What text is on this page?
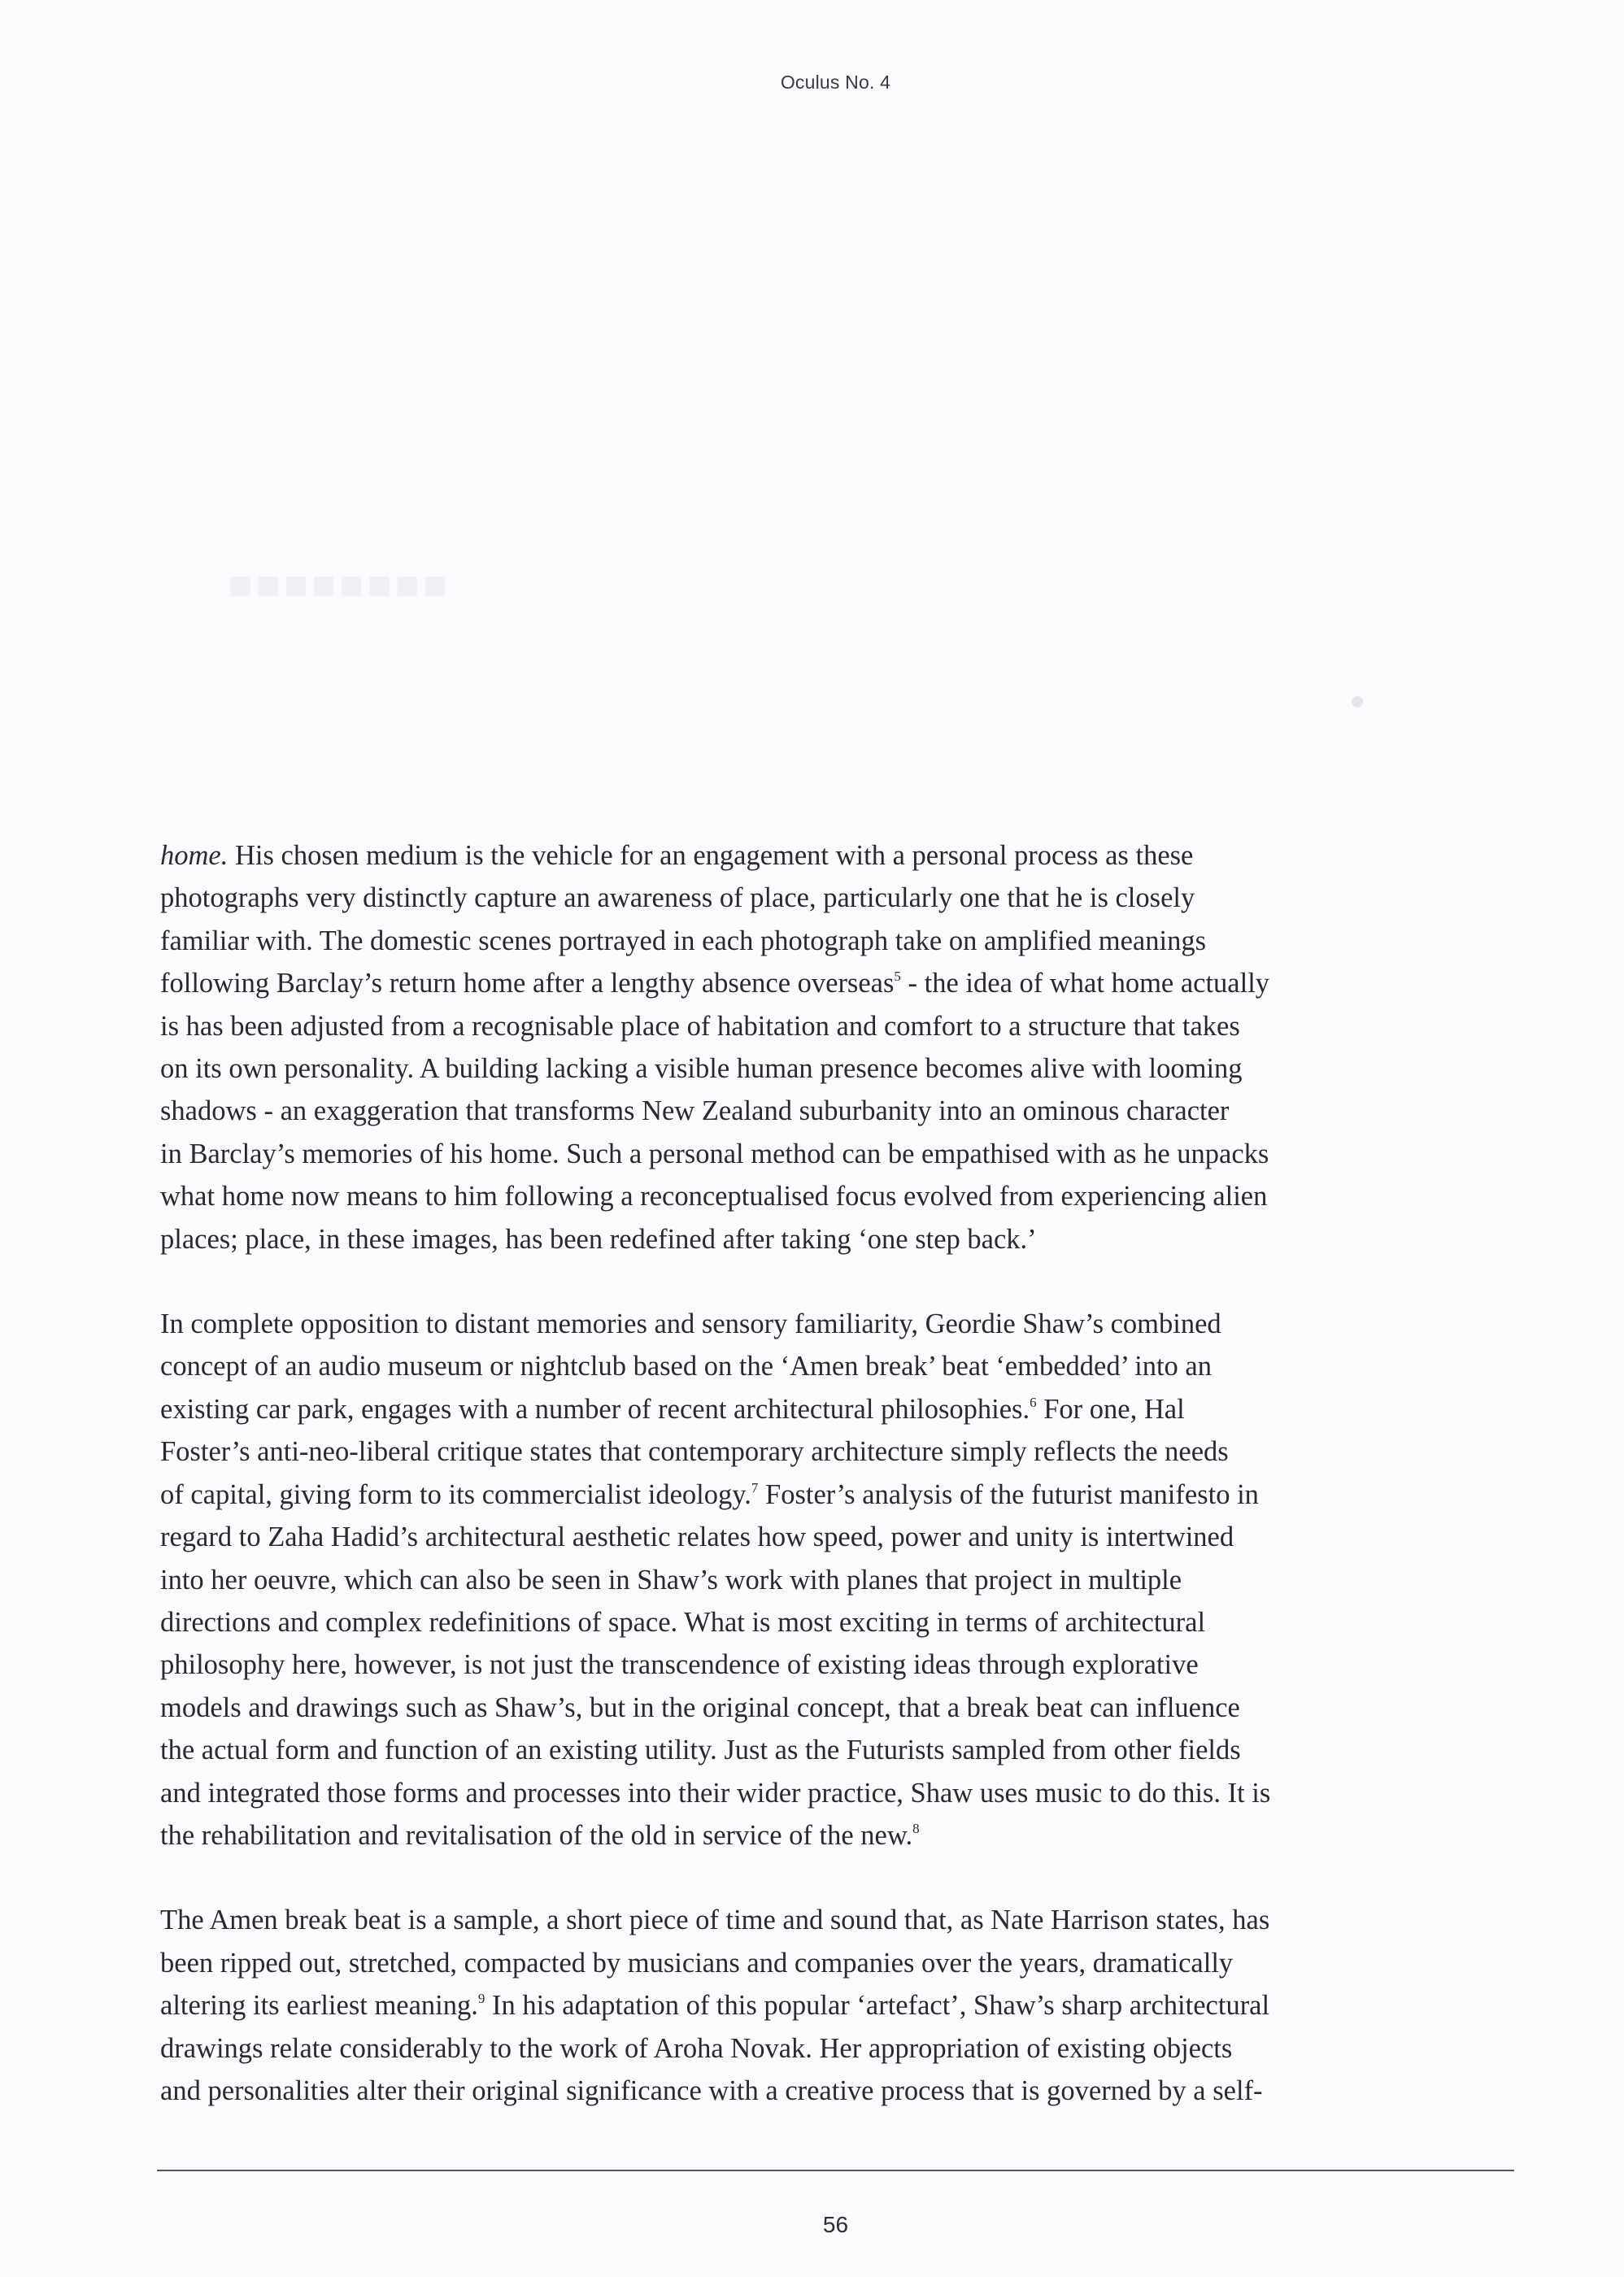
Oculus No. 4
■■■■■■■■

home. His chosen medium is the vehicle for an engagement with a personal process as these
photographs very distinctly capture an awareness of place, particularly one that he is closely
familiar with. The domestic scenes portrayed in each photograph take on amplified meanings
following Barclay’s return home after a lengthy absence overseas$^5$ - the idea of what home actually
is has been adjusted from a recognisable place of habitation and comfort to a structure that takes
on its own personality. A building lacking a visible human presence becomes alive with looming
shadows - an exaggeration that transforms New Zealand suburbanity into an ominous character
in Barclay’s memories of his home. Such a personal method can be empathised with as he unpacks
what home now means to him following a reconceptualised focus evolved from experiencing alien
places; place, in these images, has been redefined after taking ‘one step back.’

In complete opposition to distant memories and sensory familiarity, Geordie Shaw’s combined
concept of an audio museum or nightclub based on the ‘Amen break’ beat ‘embedded’ into an
existing car park, engages with a number of recent architectural philosophies.$^6$ For one, Hal
Foster’s anti-neo-liberal critique states that contemporary architecture simply reflects the needs
of capital, giving form to its commercialist ideology.$^7$ Foster’s analysis of the futurist manifesto in
regard to Zaha Hadid’s architectural aesthetic relates how speed, power and unity is intertwined
into her oeuvre, which can also be seen in Shaw’s work with planes that project in multiple
directions and complex redefinitions of space. What is most exciting in terms of architectural
philosophy here, however, is not just the transcendence of existing ideas through explorative
models and drawings such as Shaw’s, but in the original concept, that a break beat can influence
the actual form and function of an existing utility. Just as the Futurists sampled from other fields
and integrated those forms and processes into their wider practice, Shaw uses music to do this. It is
the rehabilitation and revitalisation of the old in service of the new.$^8$

The Amen break beat is a sample, a short piece of time and sound that, as Nate Harrison states, has
been ripped out, stretched, compacted by musicians and companies over the years, dramatically
altering its earliest meaning.$^9$ In his adaptation of this popular ‘artefact’, Shaw’s sharp architectural
drawings relate considerably to the work of Aroha Novak. Her appropriation of existing objects
and personalities alter their original significance with a creative process that is governed by a self-

56
